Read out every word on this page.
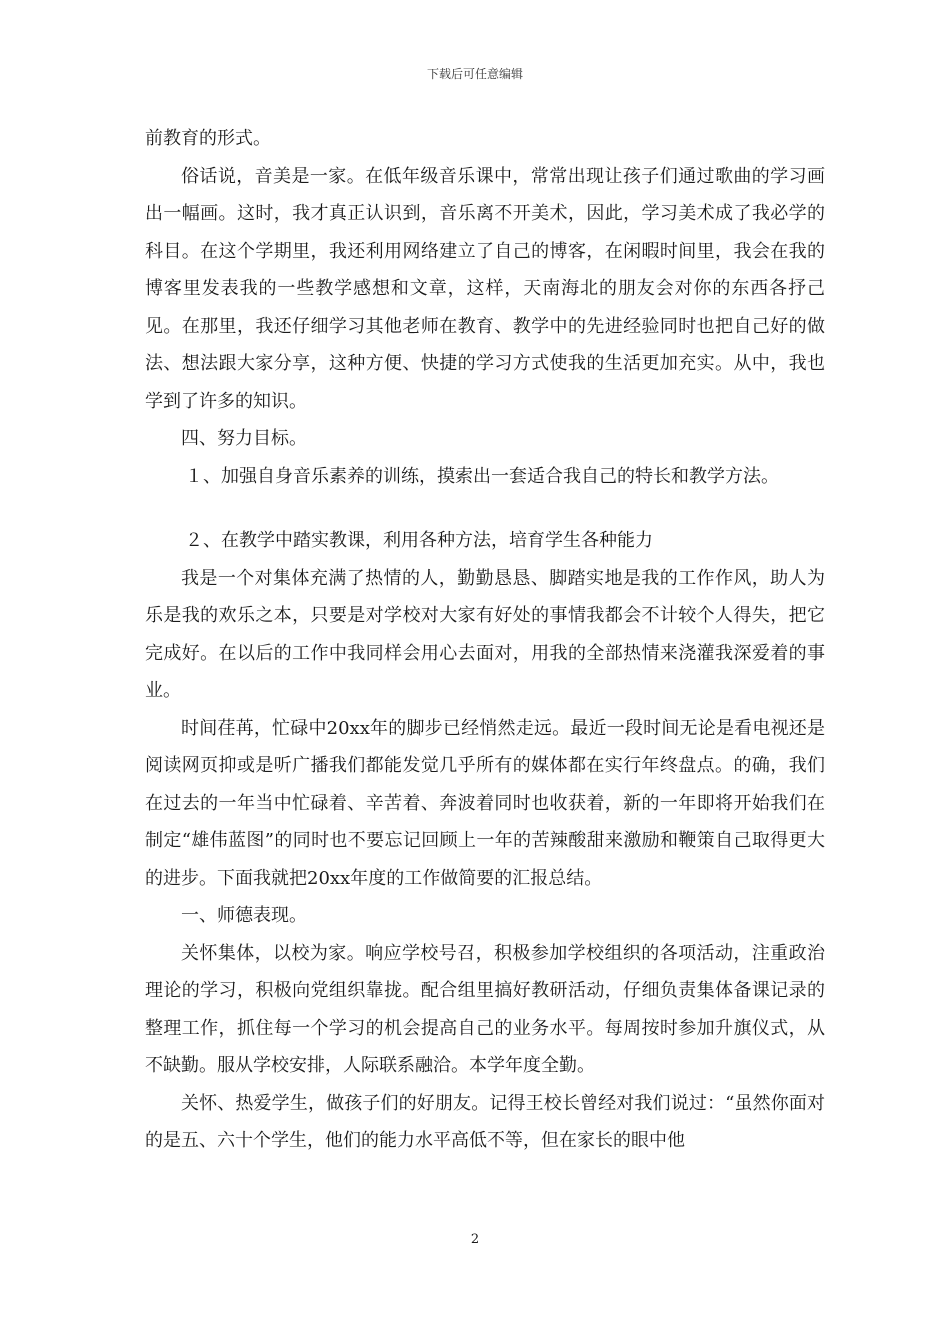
下载后可任意编辑

前教育的形式。

俗话说，音美是一家。在低年级音乐课中，常常出现让孩子们通过歌曲的学习画出一幅画。这时，我才真正认识到，音乐离不开美术，因此，学习美术成了我必学的科目。在这个学期里，我还利用网络建立了自己的博客，在闲暇时间里，我会在我的博客里发表我的一些教学感想和文章，这样，天南海北的朋友会对你的东西各抒己见。在那里，我还仔细学习其他老师在教育、教学中的先进经验同时也把自己好的做法、想法跟大家分享，这种方便、快捷的学习方式使我的生活更加充实。从中，我也学到了许多的知识。

四、努力目标。

１、加强自身音乐素养的训练，摸索出一套适合我自己的特长和教学方法。

２、在教学中踏实教课，利用各种方法，培育学生各种能力

我是一个对集体充满了热情的人，勤勤恳恳、脚踏实地是我的工作作风，助人为乐是我的欢乐之本，只要是对学校对大家有好处的事情我都会不计较个人得失，把它完成好。在以后的工作中我同样会用心去面对，用我的全部热情来浇灌我深爱着的事业。

时间荏苒，忙碌中20xx年的脚步已经悄然走远。最近一段时间无论是看电视还是阅读网页抑或是听广播我们都能发觉几乎所有的媒体都在实行年终盘点。的确，我们在过去的一年当中忙碌着、辛苦着、奔波着同时也收获着，新的一年即将开始我们在制定“雄伟蓝图”的同时也不要忘记回顾上一年的苦辣酸甜来激励和鞭策自己取得更大的进步。下面我就把20xx年度的工作做简要的汇报总结。

一、师德表现。

关怀集体，以校为家。响应学校号召，积极参加学校组织的各项活动，注重政治理论的学习，积极向党组织靠拢。配合组里搞好教研活动，仔细负责集体备课记录的整理工作，抓住每一个学习的机会提高自己的业务水平。每周按时参加升旗仪式，从不缺勤。服从学校安排，人际联系融洽。本学年度全勤。

关怀、热爱学生，做孩子们的好朋友。记得王校长曾经对我们说过：“虽然你面对的是五、六十个学生，他们的能力水平高低不等，但在家长的眼中他

2
